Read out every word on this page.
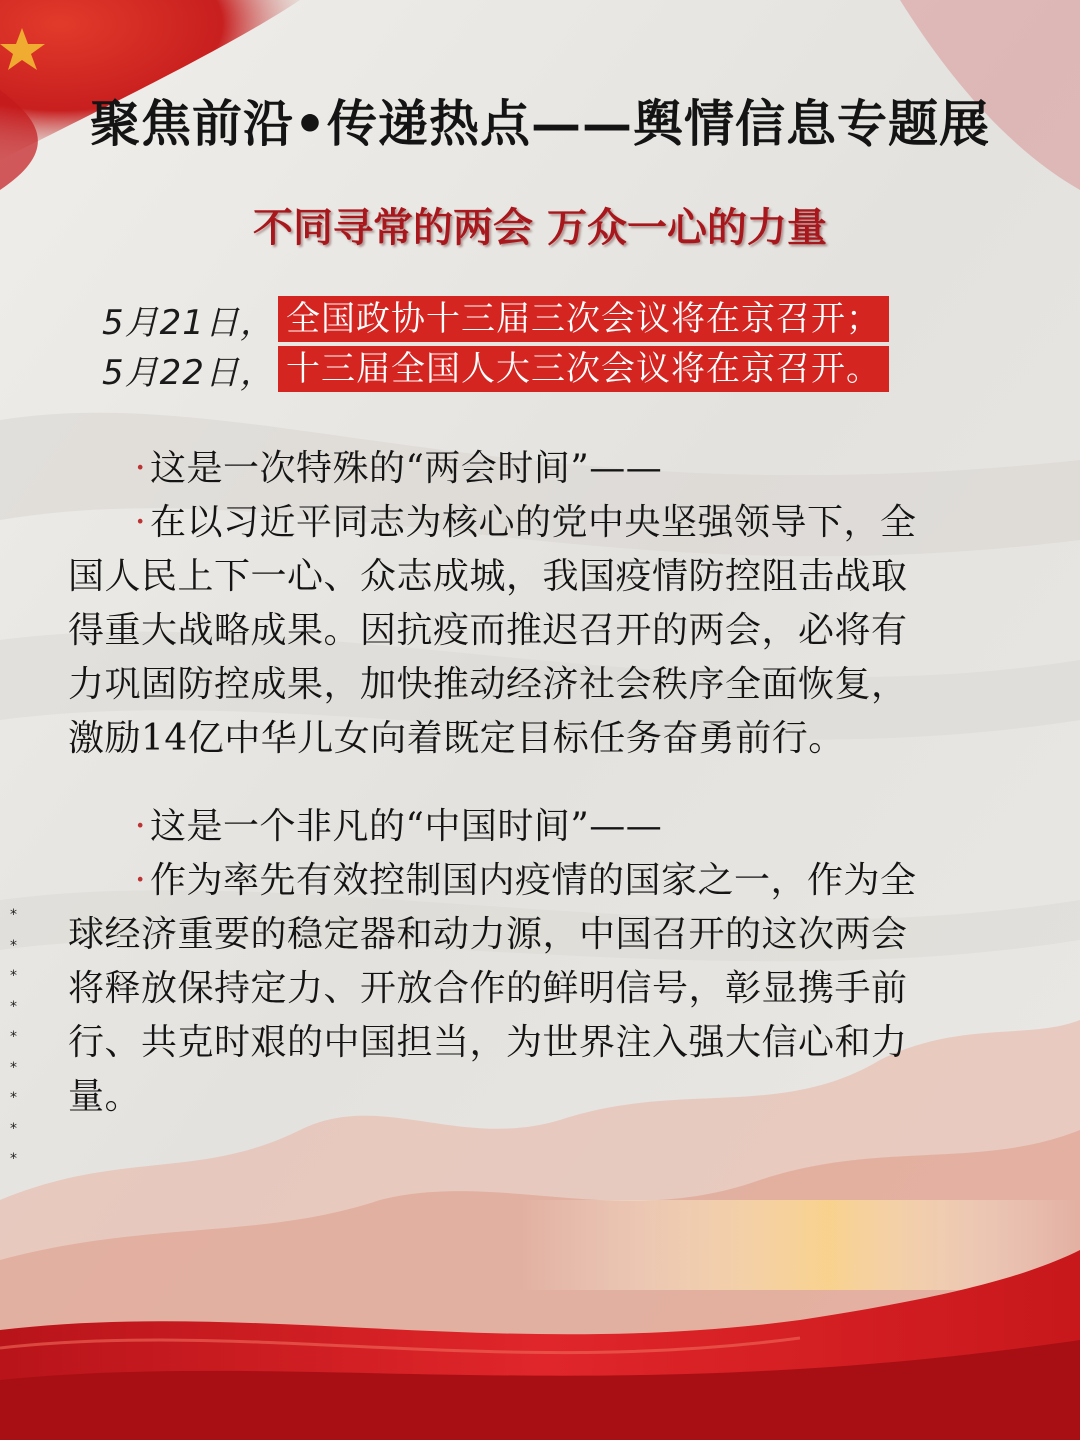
聚焦前沿•传递热点——舆情信息专题展
不同寻常的两会 万众一心的力量
5月21日， 全国政协十三届三次会议将在京召开；
5月22日， 十三届全国人大三次会议将在京召开。
· 这是一次特殊的“两会时间”——
· 在以习近平同志为核心的党中央坚强领导下，全
国人民上下一心、众志成城，我国疫情防控阻击战取
得重大战略成果。因抗疫而推迟召开的两会，必将有
力巩固防控成果，加快推动经济社会秩序全面恢复，
激励14亿中华儿女向着既定目标任务奋勇前行。
· 这是一个非凡的“中国时间”——
· 作为率先有效控制国内疫情的国家之一，作为全
球经济重要的稳定器和动力源，中国召开的这次两会
将释放保持定力、开放合作的鲜明信号，彰显携手前
行、共克时艰的中国担当，为世界注入强大信心和力
量。
*
*
*
*
*
*
*
*
*
